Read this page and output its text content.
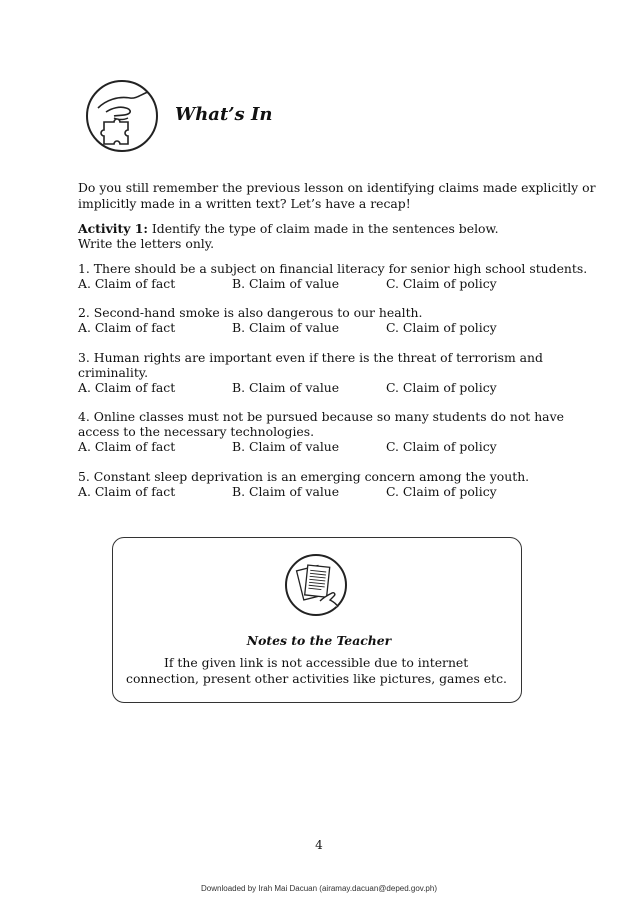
What’s In
Do you still remember the previous lesson on identifying claims made explicitly or
implicitly made in a written text? Let’s have a recap!
Activity 1: Identify the type of claim made in the sentences below.
Write the letters only.
1. There should be a subject on financial literacy for senior high school students.
A. Claim of fact	B. Claim of value	C. Claim of policy
2. Second-hand smoke is also dangerous to our health.
A. Claim of fact	B. Claim of value	C. Claim of policy
3. Human rights are important even if there is the threat of terrorism and
criminality.
A. Claim of fact	B. Claim of value	C. Claim of policy
4. Online classes must not be pursued because so many students do not have
access to the necessary technologies.
A. Claim of fact	B. Claim of value	C. Claim of policy
5. Constant sleep deprivation is an emerging concern among the youth.
A. Claim of fact	B. Claim of value	C. Claim of policy
Notes to the Teacher
If the given link is not accessible due to internet
connection, present other activities like pictures, games etc.
4
Downloaded by Irah Mai Dacuan (airamay.dacuan@deped.gov.ph)
